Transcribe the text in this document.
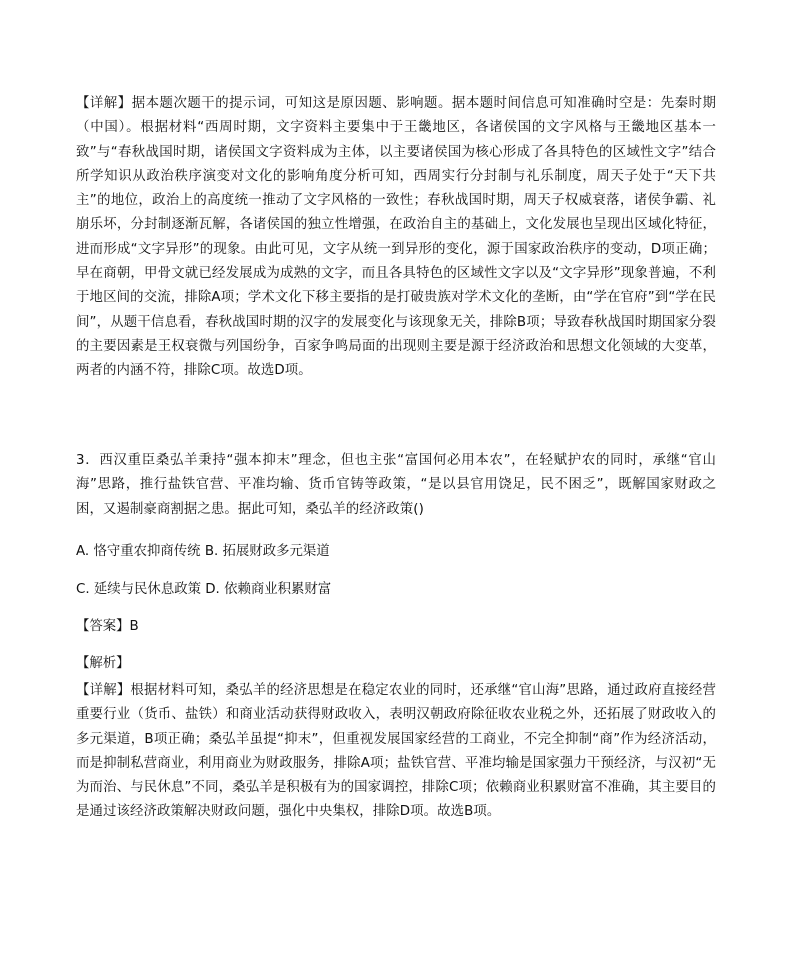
【详解】据本题次题干的提示词，可知这是原因题、影响题。据本题时间信息可知准确时空是：先秦时期（中国）。根据材料“西周时期，文字资料主要集中于王畿地区，各诸侯国的文字风格与王畿地区基本一致”与“春秋战国时期，诸侯国文字资料成为主体，以主要诸侯国为核心形成了各具特色的区域性文字”结合所学知识从政治秩序演变对文化的影响角度分析可知，西周实行分封制与礼乐制度，周天子处于“天下共主”的地位，政治上的高度统一推动了文字风格的一致性；春秋战国时期，周天子权威衰落，诸侯争霸、礼崩乐坏，分封制逐渐瓦解，各诸侯国的独立性增强，在政治自主的基础上，文化发展也呈现出区域化特征，进而形成“文字异形”的现象。由此可见，文字从统一到异形的变化，源于国家政治秩序的变动，D项正确；早在商朝，甲骨文就已经发展成为成熟的文字，而且各具特色的区域性文字以及“文字异形”现象普遍，不利于地区间的交流，排除A项；学术文化下移主要指的是打破贵族对学术文化的垄断，由“学在官府”到“学在民间”，从题干信息看，春秋战国时期的汉字的发展变化与该现象无关，排除B项；导致春秋战国时期国家分裂的主要因素是王权衰微与列国纷争，百家争鸣局面的出现则主要是源于经济政治和思想文化领域的大变革，两者的内涵不符，排除C项。故选D项。

3．西汉重臣桑弘羊秉持“强本抑末”理念，但也主张“富国何必用本农”，在轻赋护农的同时，承继“官山海”思路，推行盐铁官营、平准均输、货币官铸等政策，“是以县官用饶足，民不困乏”，既解国家财政之困，又遏制豪商割据之患。据此可知，桑弘羊的经济政策()

A. 恪守重农抑商传统 B. 拓展财政多元渠道

C. 延续与民休息政策 D. 依赖商业积累财富

【答案】B

【解析】

【详解】根据材料可知，桑弘羊的经济思想是在稳定农业的同时，还承继“官山海”思路，通过政府直接经营重要行业（货币、盐铁）和商业活动获得财政收入，表明汉朝政府除征收农业税之外，还拓展了财政收入的多元渠道，B项正确；桑弘羊虽提“抑末”，但重视发展国家经营的工商业，不完全抑制“商”作为经济活动，而是抑制私营商业，利用商业为财政服务，排除A项；盐铁官营、平准均输是国家强力干预经济，与汉初“无为而治、与民休息”不同，桑弘羊是积极有为的国家调控，排除C项；依赖商业积累财富不准确，其主要目的是通过该经济政策解决财政问题，强化中央集权，排除D项。故选B项。
